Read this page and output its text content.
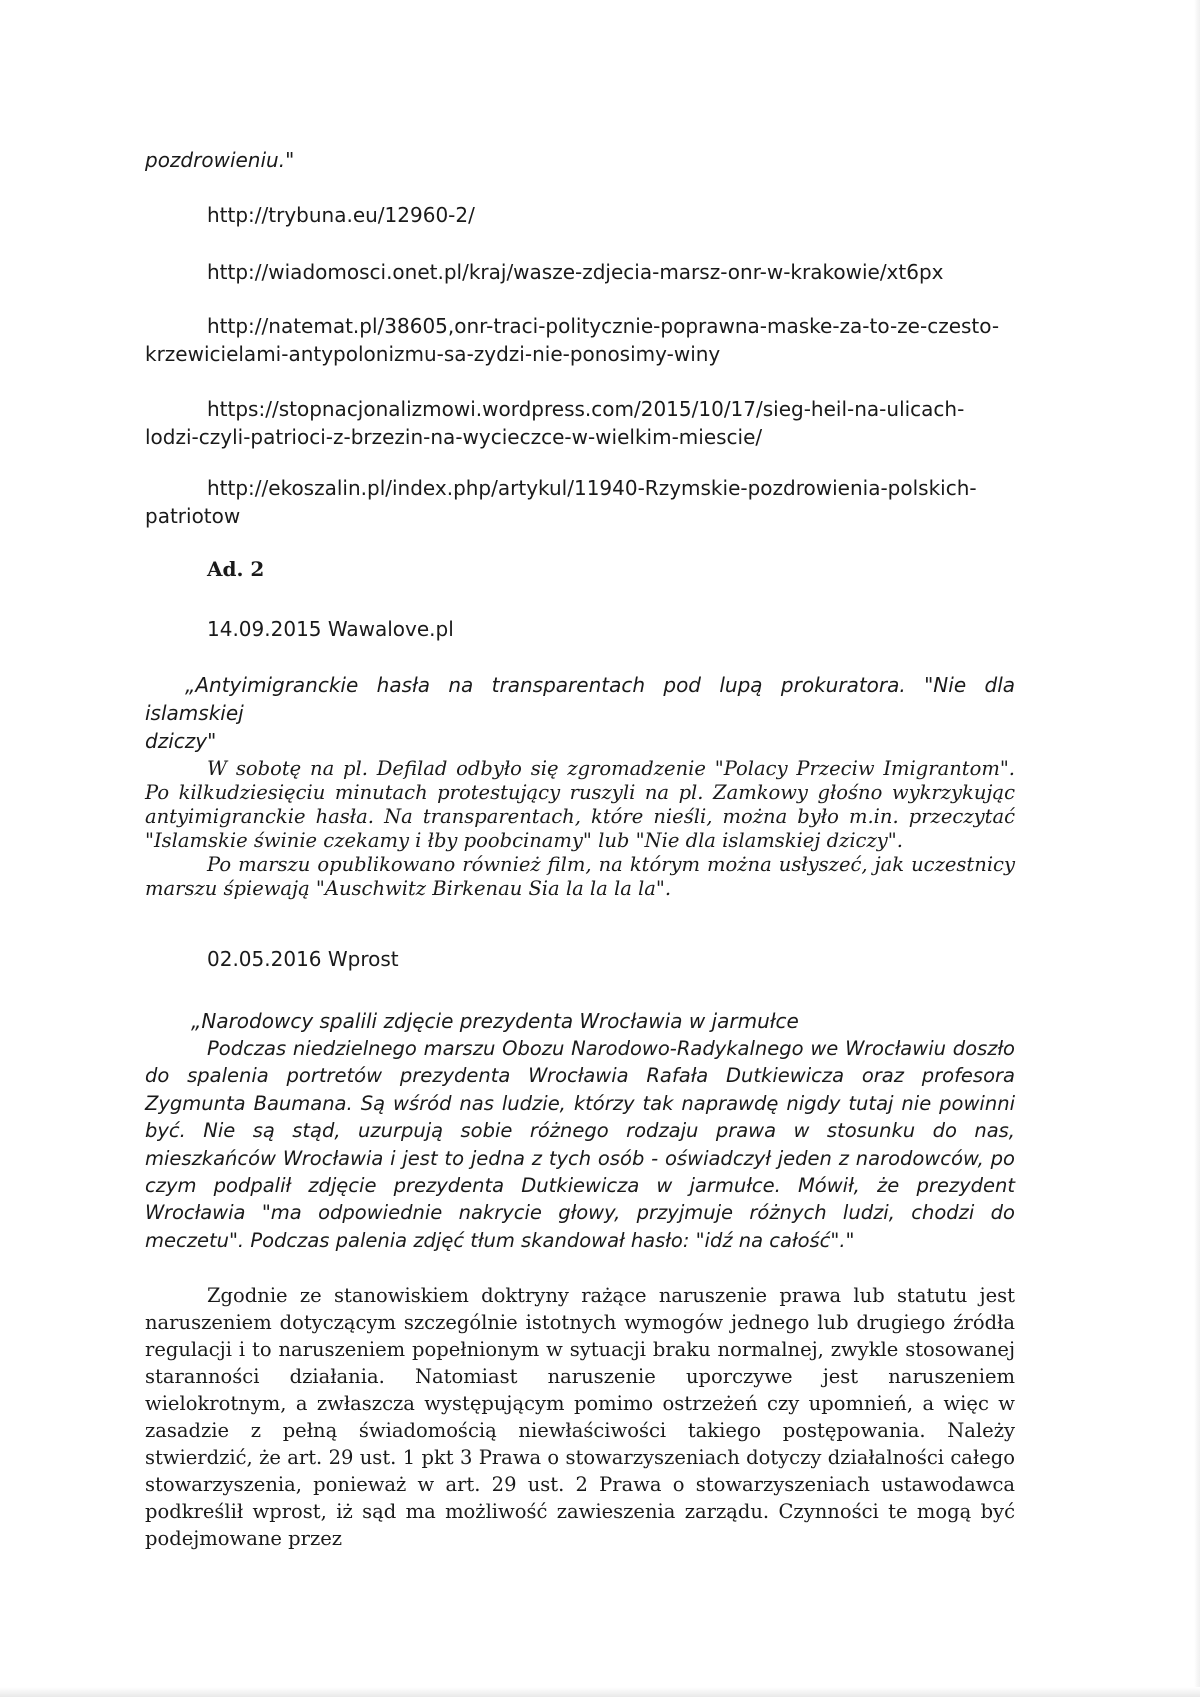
pozdrowieniu."

http://trybuna.eu/12960-2/

http://wiadomosci.onet.pl/kraj/wasze-zdjecia-marsz-onr-w-krakowie/xt6px

http://natemat.pl/38605,onr-traci-politycznie-poprawna-maske-za-to-ze-czesto-
krzewicielami-antypolonizmu-sa-zydzi-nie-ponosimy-winy

https://stopnacjonalizmowi.wordpress.com/2015/10/17/sieg-heil-na-ulicach-
lodzi-czyli-patrioci-z-brzezin-na-wycieczce-w-wielkim-miescie/

http://ekoszalin.pl/index.php/artykul/11940-Rzymskie-pozdrowienia-polskich-
patriotow

Ad. 2

14.09.2015 Wawalove.pl

„Antyimigranckie hasła na transparentach pod lupą prokuratora. "Nie dla
islamskiej
dziczy"

W sobotę na pl. Defilad odbyło się zgromadzenie "Polacy Przeciw Imigrantom". Po kilkudziesięciu minutach protestujący ruszyli na pl. Zamkowy głośno wykrzykując antyimigranckie hasła. Na transparentach, które nieśli, można było m.in. przeczytać "Islamskie świnie czekamy i łby poobcinamy" lub "Nie dla islamskiej dziczy".

Po marszu opublikowano również film, na którym można usłyszeć, jak uczestnicy marszu śpiewają "Auschwitz Birkenau Sia la la la la".

02.05.2016 Wprost

„Narodowcy spalili zdjęcie prezydenta Wrocławia w jarmułce

Podczas niedzielnego marszu Obozu Narodowo-Radykalnego we Wrocławiu doszło do spalenia portretów prezydenta Wrocławia Rafała Dutkiewicza oraz profesora Zygmunta Baumana. Są wśród nas ludzie, którzy tak naprawdę nigdy tutaj nie powinni być. Nie są stąd, uzurpują sobie różnego rodzaju prawa w stosunku do nas, mieszkańców Wrocławia i jest to jedna z tych osób - oświadczył jeden z narodowców, po czym podpalił zdjęcie prezydenta Dutkiewicza w jarmułce. Mówił, że prezydent Wrocławia "ma odpowiednie nakrycie głowy, przyjmuje różnych ludzi, chodzi do meczetu". Podczas palenia zdjęć tłum skandował hasło: "idź na całość"."

Zgodnie ze stanowiskiem doktryny rażące naruszenie prawa lub statutu jest naruszeniem dotyczącym szczególnie istotnych wymogów jednego lub drugiego źródła regulacji i to naruszeniem popełnionym w sytuacji braku normalnej, zwykle stosowanej staranności działania. Natomiast naruszenie uporczywe jest naruszeniem wielokrotnym, a zwłaszcza występującym pomimo ostrzeżeń czy upomnień, a więc w zasadzie z pełną świadomością niewłaściwości takiego postępowania. Należy stwierdzić, że art. 29 ust. 1 pkt 3 Prawa o stowarzyszeniach dotyczy działalności całego stowarzyszenia, ponieważ w art. 29 ust. 2 Prawa o stowarzyszeniach ustawodawca podkreślił wprost, iż sąd ma możliwość zawieszenia zarządu. Czynności te mogą być podejmowane przez
